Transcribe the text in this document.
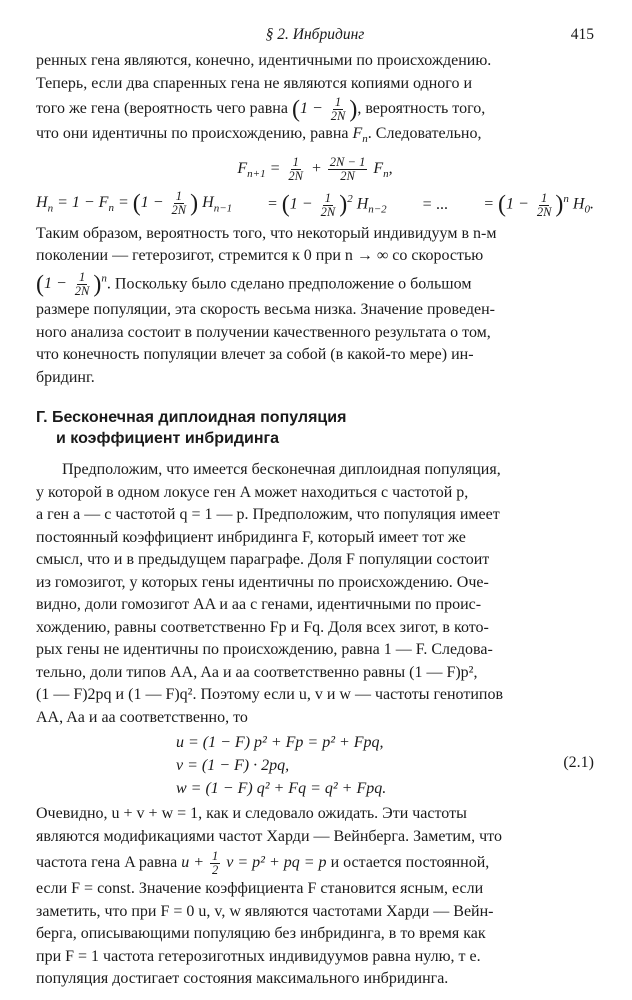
§ 2. Инбридинг	415

ренных гена являются, конечно, идентичными по происхождению.

Теперь, если два спаренных гена не являются копиями одного и

того же гена (вероятность чего равна ($1 - \frac{1}{2N}$ ), вероятность того,

что они идентичны по происхождению, равна $F_n$. Следовательно,

$F_{n+1} = \frac{1}{2N} + \frac{2N - 1}{2N} F_n$,
$H_n = 1 - F_n = (1 - \frac{1}{2N}$ ) $H_{n-1} = (1 - \frac{1}{2N} )^2$ $H_{n-2}$ = ... = $(1 - \frac{1}{2N} )^n$ $H_0$.

Таким образом, вероятность того, что некоторый индивидуум в n-м

поколении — гетерозигот, стремится к 0 при n → ∞ со скоростью

$(1 - \frac{1}{2N} )^n$. Поскольку было сделано предположение о большом

размере популяции, эта скорость весьма низка. Значение проведен-

ного анализа состоит в получении качественного результата о том,

что конечность популяции влечет за собой (в какой-то мере) ин-

бридинг.

Г. Бесконечная диплоидная популяция
и коэффициент инбридинга

Предположим, что имеется бесконечная диплоидная популяция,

у которой в одном локусе ген A может находиться с частотой p,

а ген a — с частотой q = 1 — p. Предположим, что популяция имеет

постоянный коэффициент инбридинга F, который имеет тот же

смысл, что и в предыдущем параграфе. Доля F популяции состоит

из гомозигот, у которых гены идентичны по происхождению. Оче-

видно, доли гомозигот AA и aa с генами, идентичными по проис-

хождению, равны соответственно Fp и Fq. Доля всех зигот, в кото-

рых гены не идентичны по происхождению, равна 1 — F. Следова-

тельно, доли типов AA, Aa и aa соответственно равны (1 — F)p²,

(1 — F)2pq и (1 — F)q². Поэтому если u, v и w — частоты генотипов

AA, Aa и aa соответственно, то

u = (1 − F) p² + Fp = p² + Fpq,
v = (1 − F) · 2pq,
w = (1 − F) q² + Fq = q² + Fpq.
(2.1)

Очевидно, u + v + w = 1, как и следовало ожидать. Эти частоты

являются модификациями частот Харди — Вейнберга. Заметим, что

частота гена A равна $u + \frac{1}{2}$ v = p² + pq = p и остается постоянной,

если F = const. Значение коэффициента F становится ясным, если

заметить, что при F = 0 u, v, w являются частотами Харди — Вейн-

берга, описывающими популяцию без инбридинга, в то время как

при F = 1 частота гетерозиготных индивидуумов равна нулю, т е.

популяция достигает состояния максимального инбридинга.
